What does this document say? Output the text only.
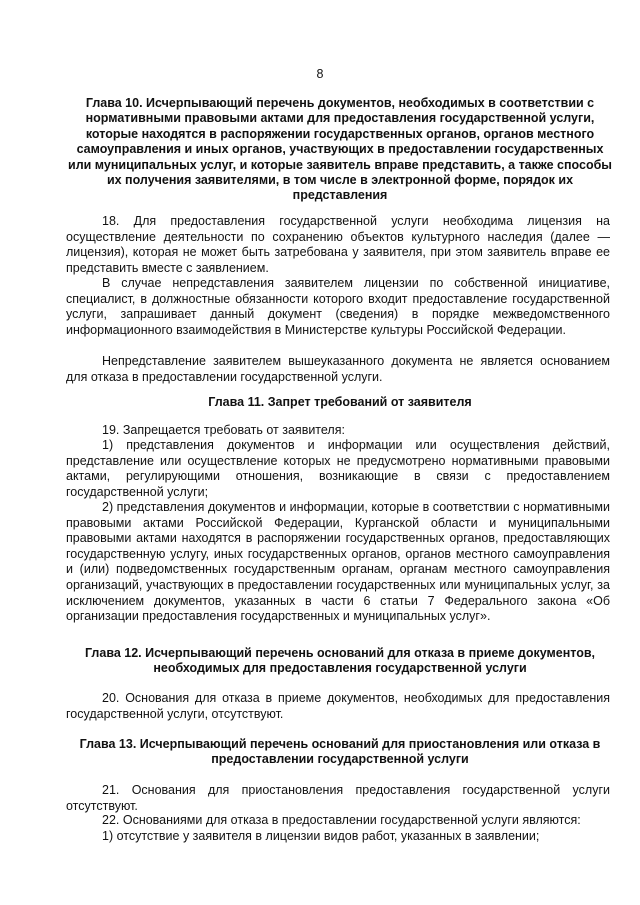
8

Глава 10. Исчерпывающий перечень документов, необходимых в соответствии с нормативными правовыми актами для предоставления государственной услуги, которые находятся в распоряжении государственных органов, органов местного самоуправления и иных органов, участвующих в предоставлении государственных или муниципальных услуг, и которые заявитель вправе представить, а также способы их получения заявителями, в том числе в электронной форме, порядок их представления

18. Для предоставления государственной услуги необходима лицензия на осуществление деятельности по сохранению объектов культурного наследия (далее — лицензия), которая не может быть затребована у заявителя, при этом заявитель вправе ее представить вместе с заявлением.

В случае непредставления заявителем лицензии по собственной инициативе, специалист, в должностные обязанности которого входит предоставление государственной услуги, запрашивает данный документ (сведения) в порядке межведомственного информационного взаимодействия в Министерстве культуры Российской Федерации.

Непредставление заявителем вышеуказанного документа не является основанием для отказа в предоставлении государственной услуги.

Глава 11. Запрет требований от заявителя

19. Запрещается требовать от заявителя:

1) представления документов и информации или осуществления действий, представление или осуществление которых не предусмотрено нормативными правовыми актами, регулирующими отношения, возникающие в связи с предоставлением государственной услуги;

2) представления документов и информации, которые в соответствии с нормативными правовыми актами Российской Федерации, Курганской области и муниципальными правовыми актами находятся в распоряжении государственных органов, предоставляющих государственную услугу, иных государственных органов, органов местного самоуправления и (или) подведомственных государственным органам, органам местного самоуправления организаций, участвующих в предоставлении государственных или муниципальных услуг, за исключением документов, указанных в части 6 статьи 7 Федерального закона «Об организации предоставления государственных и муниципальных услуг».

Глава 12. Исчерпывающий перечень оснований для отказа в приеме документов, необходимых для предоставления государственной услуги

20. Основания для отказа в приеме документов, необходимых для предоставления государственной услуги, отсутствуют.

Глава 13. Исчерпывающий перечень оснований для приостановления или отказа в предоставлении государственной услуги

21. Основания для приостановления предоставления государственной услуги отсутствуют.

22. Основаниями для отказа в предоставлении государственной услуги являются:

1) отсутствие у заявителя в лицензии видов работ, указанных в заявлении;
